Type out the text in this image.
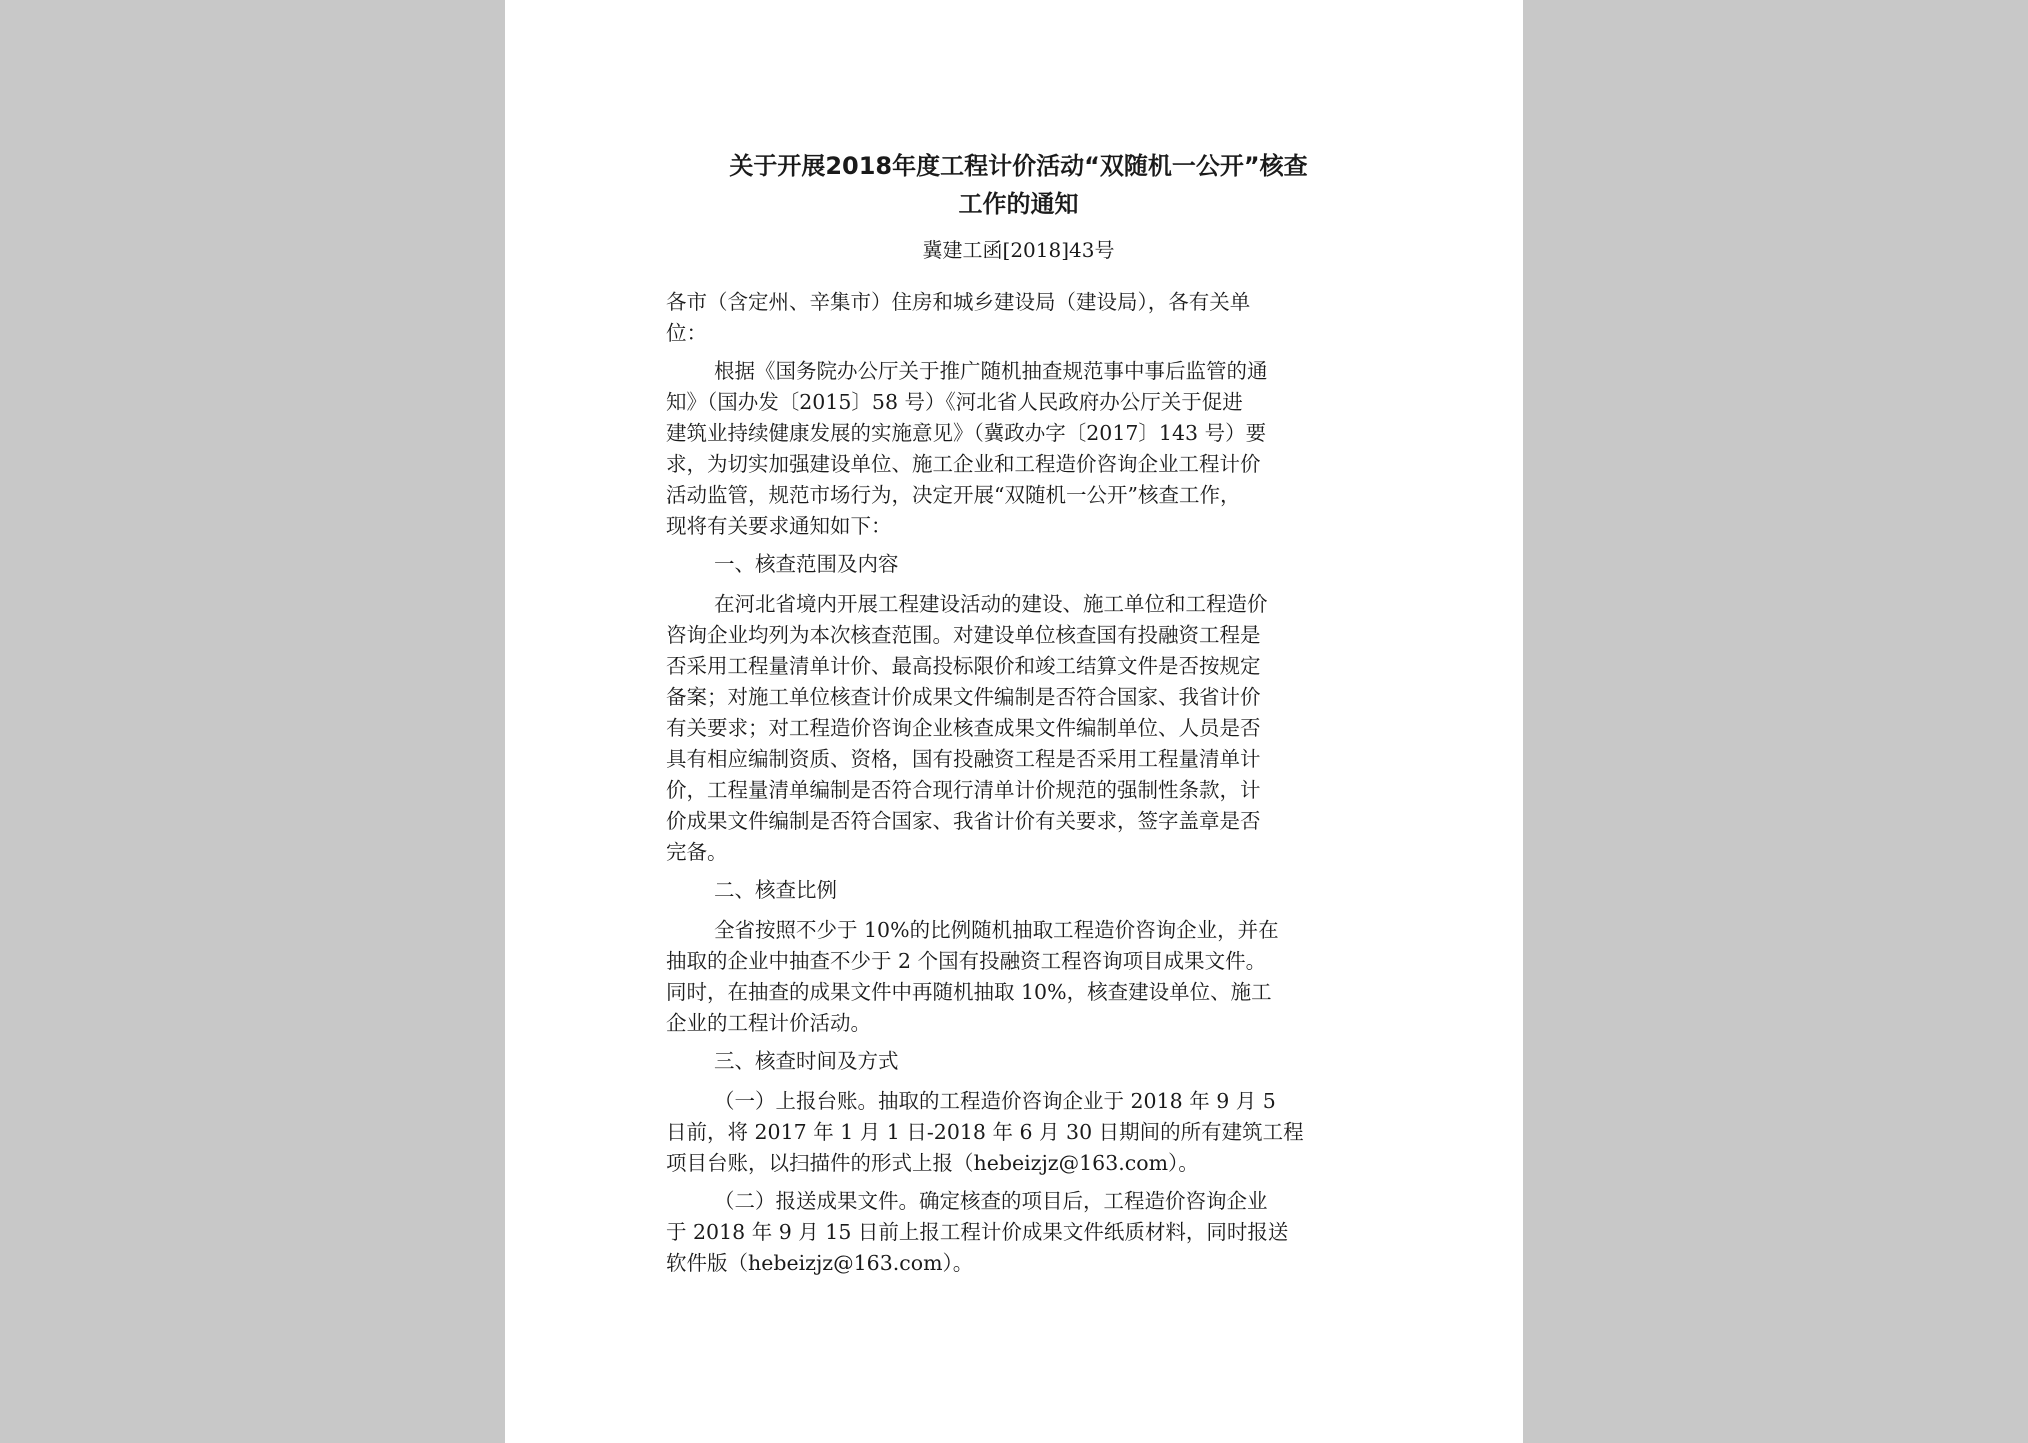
关于开展2018年度工程计价活动“双随机一公开”核查
工作的通知
冀建工函[2018]43号

各市（含定州、辛集市）住房和城乡建设局（建设局），各有关单
位：

根据《国务院办公厅关于推广随机抽查规范事中事后监管的通
知》（国办发〔2015〕58 号）《河北省人民政府办公厅关于促进
建筑业持续健康发展的实施意见》（冀政办字〔2017〕143 号）要
求，为切实加强建设单位、施工企业和工程造价咨询企业工程计价
活动监管，规范市场行为，决定开展“双随机一公开”核查工作，
现将有关要求通知如下：

一、核查范围及内容

在河北省境内开展工程建设活动的建设、施工单位和工程造价
咨询企业均列为本次核查范围。对建设单位核查国有投融资工程是
否采用工程量清单计价、最高投标限价和竣工结算文件是否按规定
备案；对施工单位核查计价成果文件编制是否符合国家、我省计价
有关要求；对工程造价咨询企业核查成果文件编制单位、人员是否
具有相应编制资质、资格，国有投融资工程是否采用工程量清单计
价，工程量清单编制是否符合现行清单计价规范的强制性条款，计
价成果文件编制是否符合国家、我省计价有关要求，签字盖章是否
完备。

二、核查比例

全省按照不少于 10%的比例随机抽取工程造价咨询企业，并在
抽取的企业中抽查不少于 2 个国有投融资工程咨询项目成果文件。
同时，在抽查的成果文件中再随机抽取 10%，核查建设单位、施工
企业的工程计价活动。

三、核查时间及方式

（一）上报台账。抽取的工程造价咨询企业于 2018 年 9 月 5
日前，将 2017 年 1 月 1 日-2018 年 6 月 30 日期间的所有建筑工程
项目台账，以扫描件的形式上报（hebeizjz@163.com）。

（二）报送成果文件。确定核查的项目后，工程造价咨询企业
于 2018 年 9 月 15 日前上报工程计价成果文件纸质材料，同时报送
软件版（hebeizjz@163.com）。
